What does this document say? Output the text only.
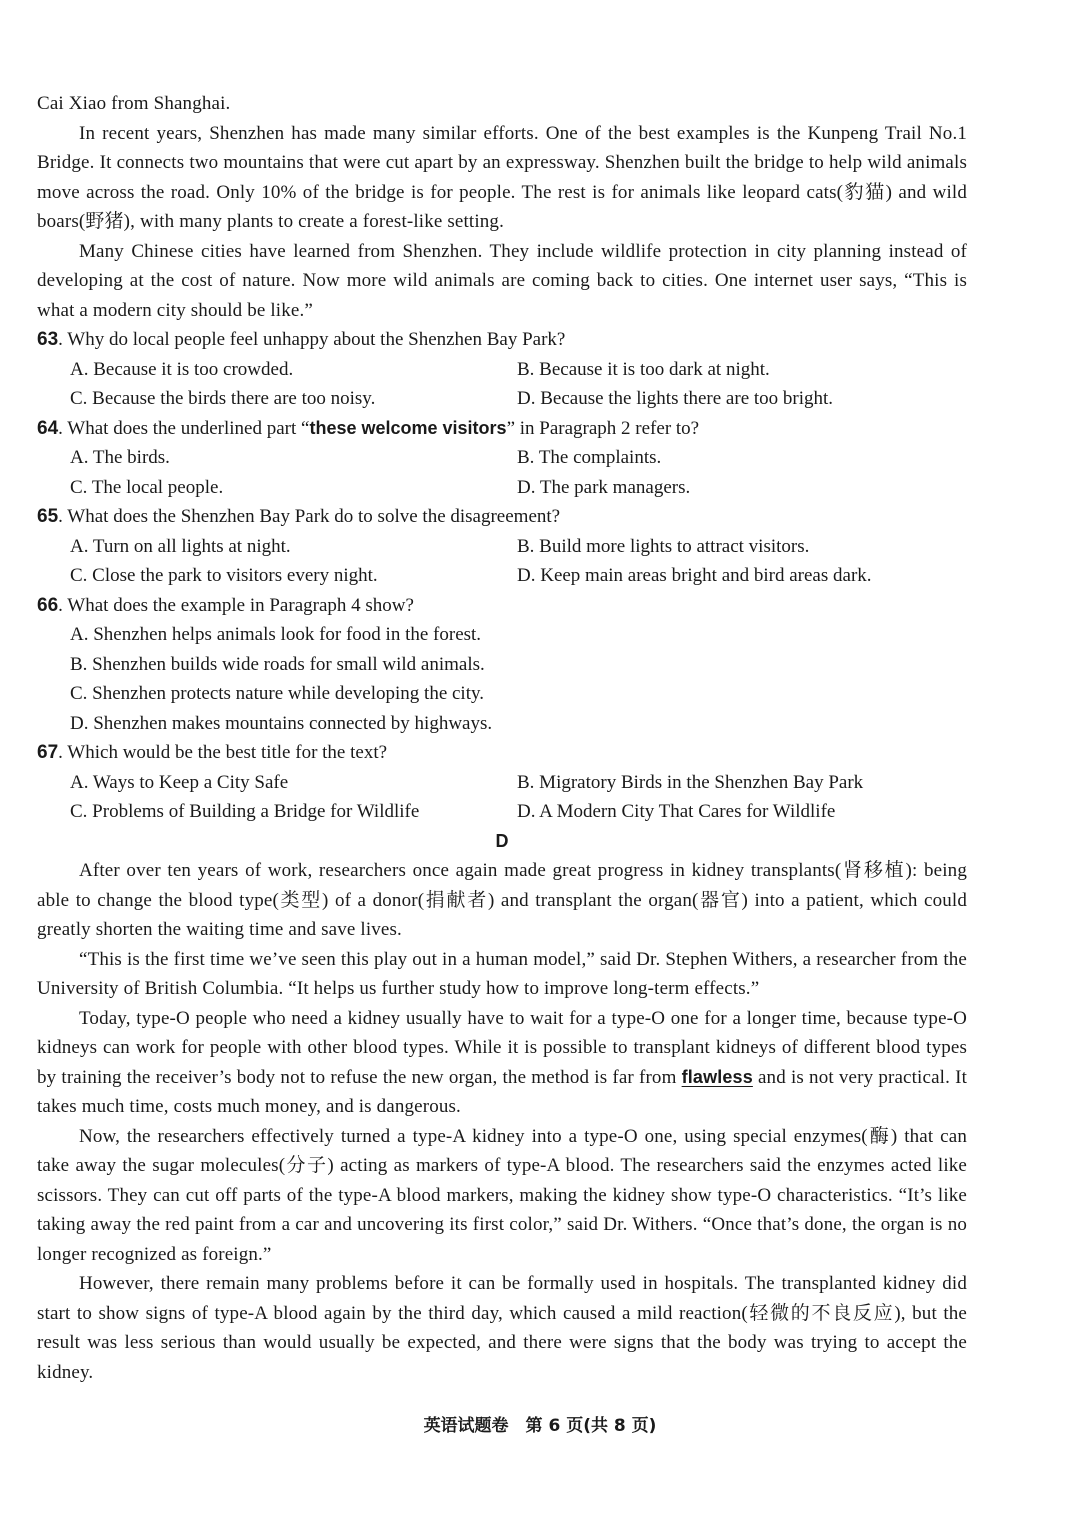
Cai Xiao from Shanghai.

In recent years, Shenzhen has made many similar efforts. One of the best examples is the Kunpeng Trail No.1 Bridge. It connects two mountains that were cut apart by an expressway. Shenzhen built the bridge to help wild animals move across the road. Only 10% of the bridge is for people. The rest is for animals like leopard cats(豹猫) and wild boars(野猪), with many plants to create a forest-like setting.

Many Chinese cities have learned from Shenzhen. They include wildlife protection in city planning instead of developing at the cost of nature. Now more wild animals are coming back to cities. One internet user says, “This is what a modern city should be like.”

63. Why do local people feel unhappy about the Shenzhen Bay Park?

A. Because it is too crowded.	B. Because it is too dark at night.
C. Because the birds there are too noisy.	D. Because the lights there are too bright.

64. What does the underlined part “these welcome visitors” in Paragraph 2 refer to?

A. The birds.	B. The complaints.
C. The local people.	D. The park managers.

65. What does the Shenzhen Bay Park do to solve the disagreement?

A. Turn on all lights at night.	B. Build more lights to attract visitors.
C. Close the park to visitors every night.	D. Keep main areas bright and bird areas dark.

66. What does the example in Paragraph 4 show?

A. Shenzhen helps animals look for food in the forest.
B. Shenzhen builds wide roads for small wild animals.
C. Shenzhen protects nature while developing the city.
D. Shenzhen makes mountains connected by highways.

67. Which would be the best title for the text?

A. Ways to Keep a City Safe	B. Migratory Birds in the Shenzhen Bay Park
C. Problems of Building a Bridge for Wildlife	D. A Modern City That Cares for Wildlife

D

After over ten years of work, researchers once again made great progress in kidney transplants(肾移植): being able to change the blood type(类型) of a donor(捐献者) and transplant the organ(器官) into a patient, which could greatly shorten the waiting time and save lives.

“This is the first time we’ve seen this play out in a human model,” said Dr. Stephen Withers, a researcher from the University of British Columbia. “It helps us further study how to improve long-term effects.”

Today, type-O people who need a kidney usually have to wait for a type-O one for a longer time, because type-O kidneys can work for people with other blood types. While it is possible to transplant kidneys of different blood types by training the receiver’s body not to refuse the new organ, the method is far from flawless and is not very practical. It takes much time, costs much money, and is dangerous.

Now, the researchers effectively turned a type-A kidney into a type-O one, using special enzymes(酶) that can take away the sugar molecules(分子) acting as markers of type-A blood. The researchers said the enzymes acted like scissors. They can cut off parts of the type-A blood markers, making the kidney show type-O characteristics. “It’s like taking away the red paint from a car and uncovering its first color,” said Dr. Withers. “Once that’s done, the organ is no longer recognized as foreign.”

However, there remain many problems before it can be formally used in hospitals. The transplanted kidney did start to show signs of type-A blood again by the third day, which caused a mild reaction(轻微的不良反应), but the result was less serious than would usually be expected, and there were signs that the body was trying to accept the kidney.

英语试题卷　第 6 页(共 8 页)
